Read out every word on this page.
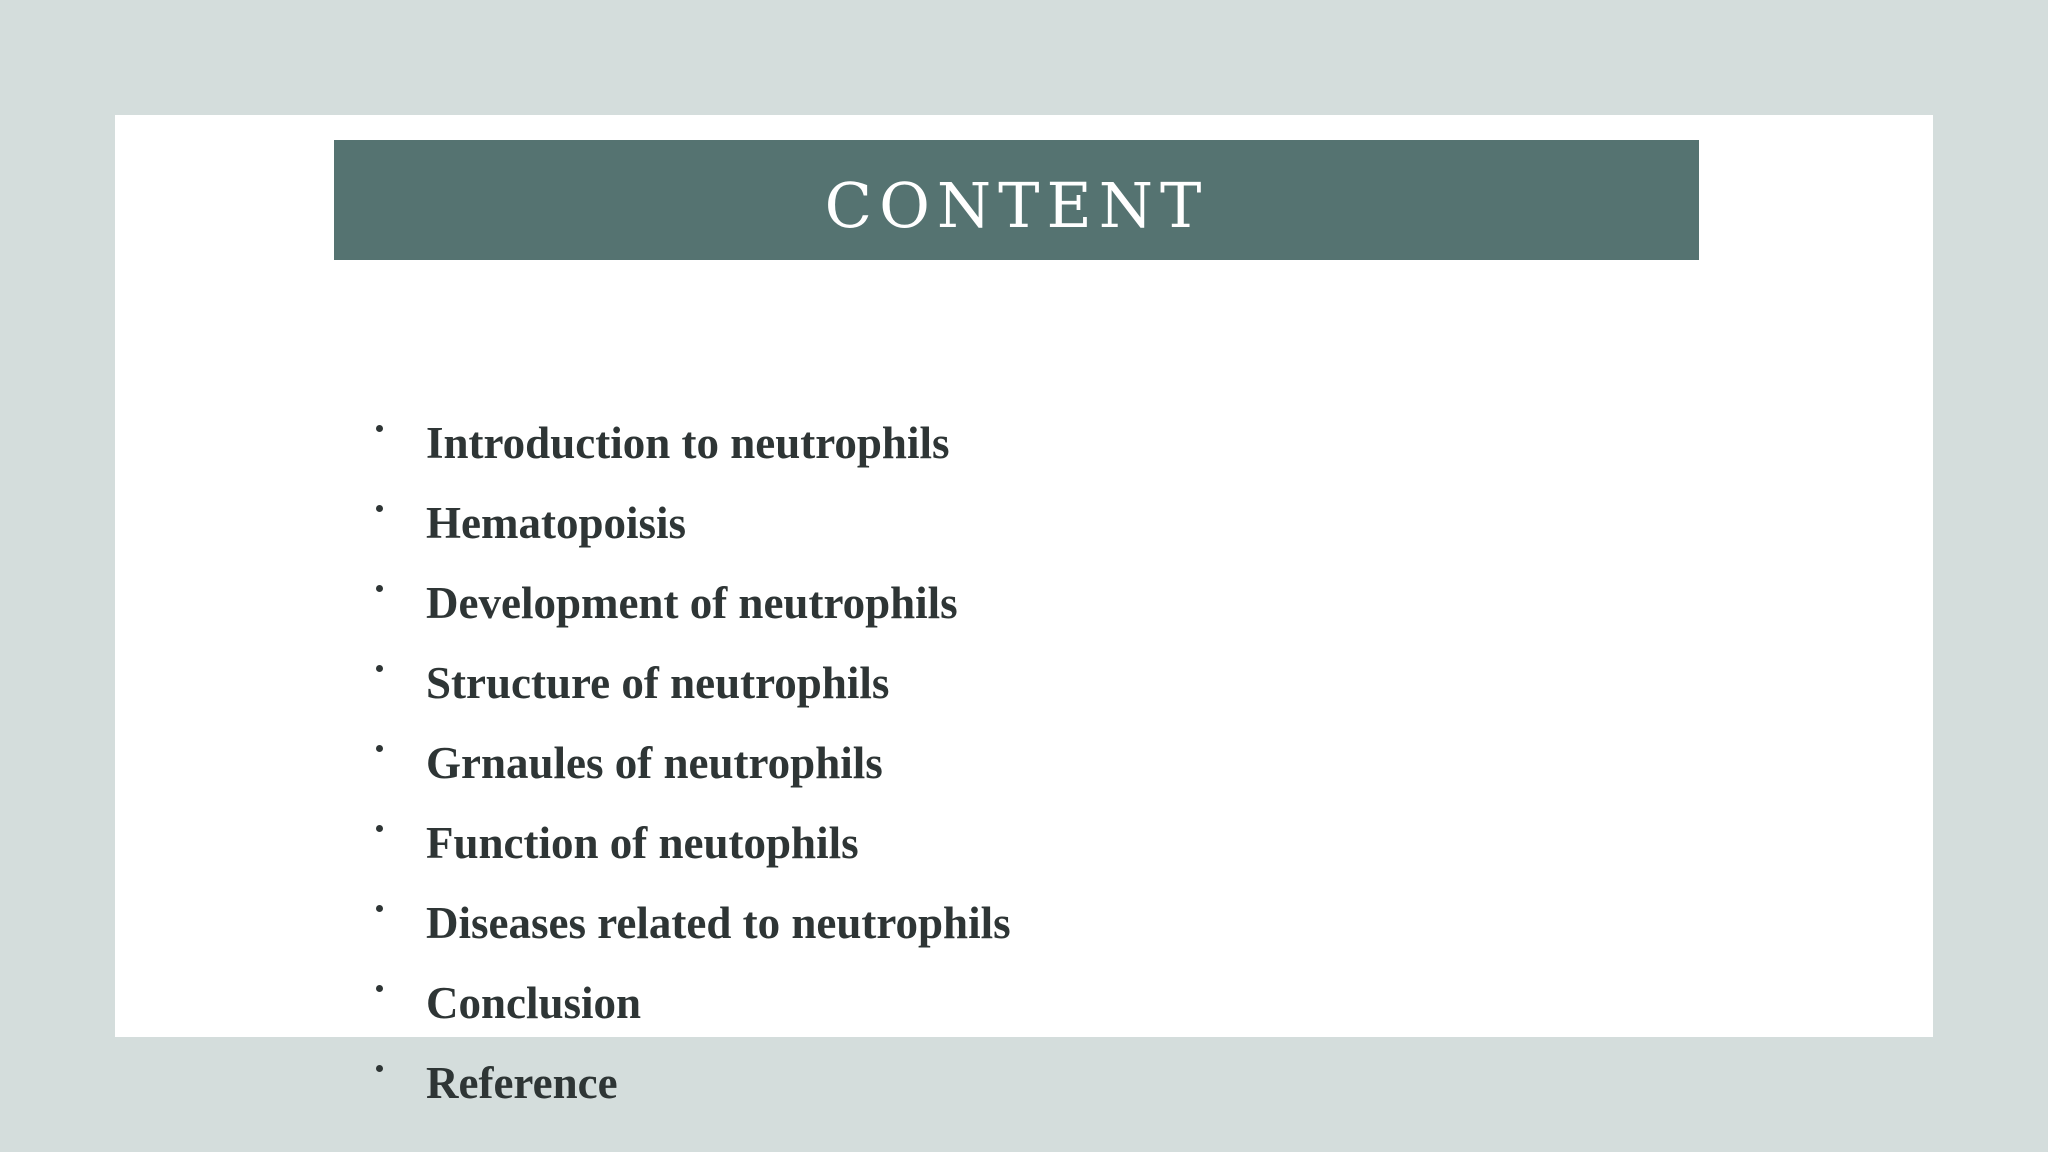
CONTENT
Introduction to neutrophils
Hematopoisis
Development of neutrophils
Structure of neutrophils
Grnaules of neutrophils
Function of neutophils
Diseases related to neutrophils
Conclusion
Reference
